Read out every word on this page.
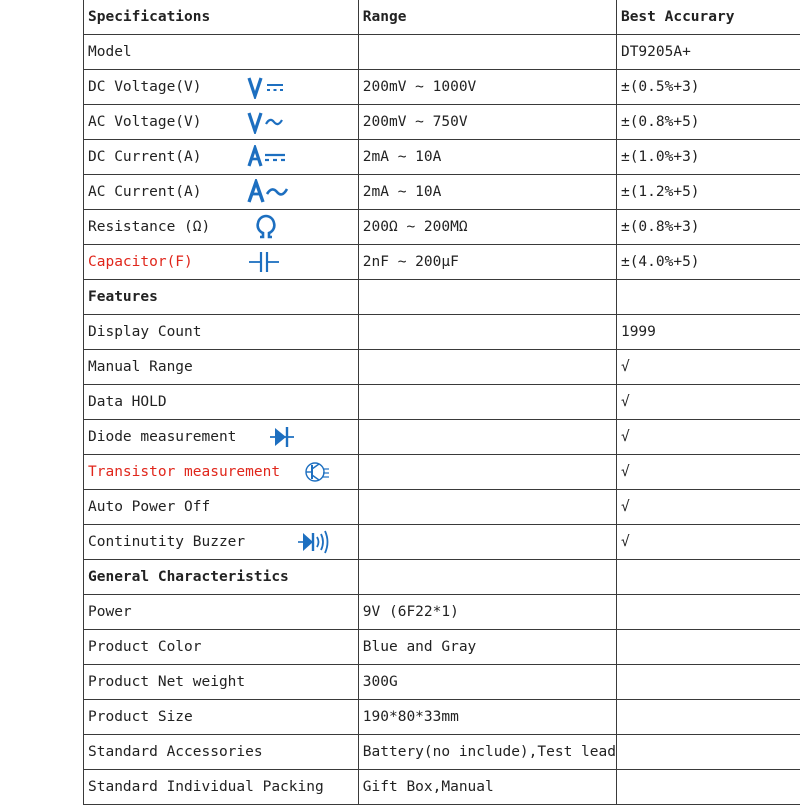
Specifications	Range	Best Accurary
Model		DT9205A+
DC Voltage(V)	200mV ~ 1000V	±(0.5%+3)
AC Voltage(V)	200mV ~ 750V	±(0.8%+5)
DC Current(A)	2mA ~ 10A	±(1.0%+3)
AC Current(A)	2mA ~ 10A	±(1.2%+5)
Resistance (Ω)	200Ω ~ 200MΩ	±(0.8%+3)
Capacitor(F)	2nF ~ 200μF	±(4.0%+5)
Features		
Display Count		1999
Manual Range		√
Data HOLD		√
Diode measurement		√
Transistor measurement		√
Auto Power Off		√
Continutity Buzzer		√
General Characteristics		
Power	9V (6F22*1)	
Product Color	Blue and Gray	
Product Net weight	300G	
Product Size	190*80*33mm	
Standard Accessories	Battery(no include),Test lead	
Standard Individual Packing	Gift Box,Manual	
